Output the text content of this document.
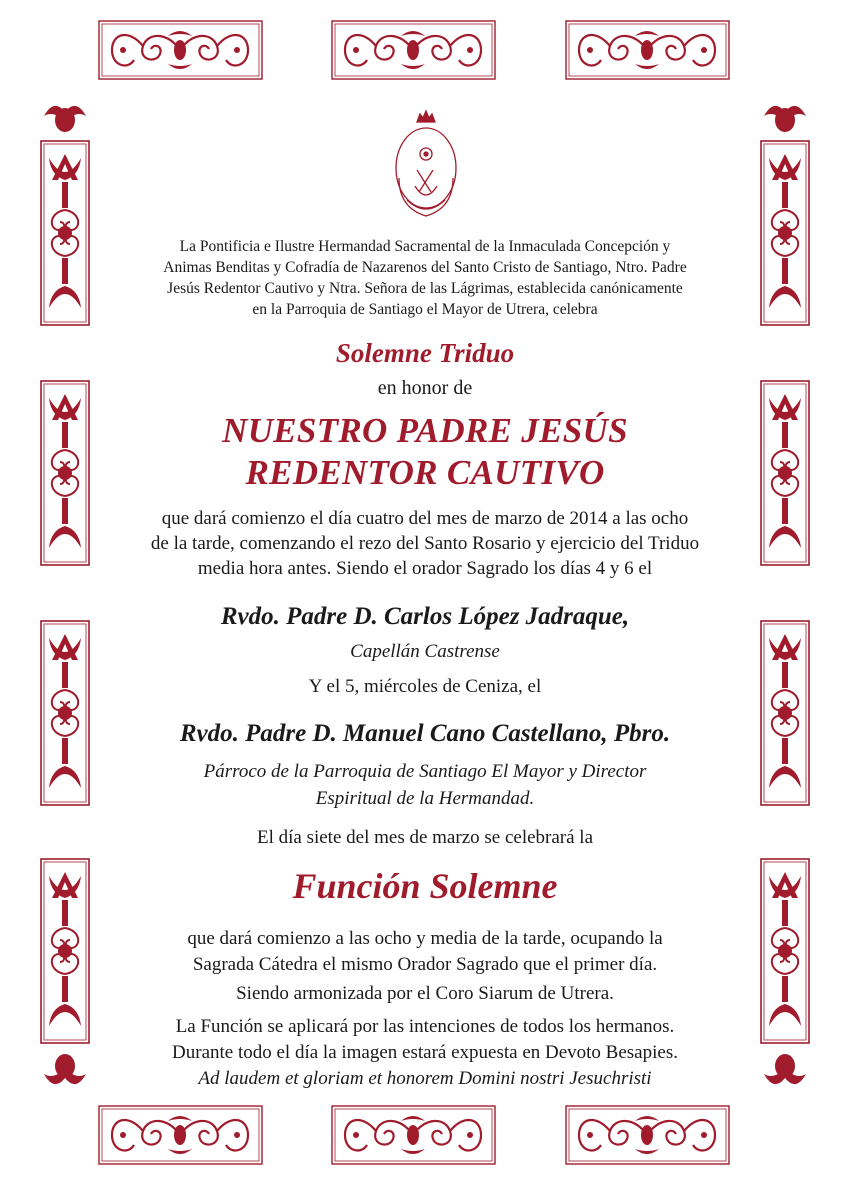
La Pontificia e Ilustre Hermandad Sacramental de la Inmaculada Concepción y
Animas Benditas y Cofradía de Nazarenos del Santo Cristo de Santiago, Ntro. Padre
Jesús Redentor Cautivo y Ntra. Señora de las Lágrimas, establecida canónicamente
en la Parroquia de Santiago el Mayor de Utrera, celebra
Solemne Triduo
en honor de
NUESTRO PADRE JESÚS
REDENTOR CAUTIVO
que dará comienzo el día cuatro del mes de marzo de 2014 a las ocho
de la tarde, comenzando el rezo del Santo Rosario y ejercicio del Triduo
media hora antes. Siendo el orador Sagrado los días 4 y 6 el
Rvdo. Padre D. Carlos López Jadraque,
Capellán Castrense
Y el 5, miércoles de Ceniza, el
Rvdo. Padre D. Manuel Cano Castellano, Pbro.
Párroco de la Parroquia de Santiago El Mayor y Director
Espiritual de la Hermandad.
El día siete del mes de marzo se celebrará la
Función Solemne
que dará comienzo a las ocho y media de la tarde, ocupando la
Sagrada Cátedra el mismo Orador Sagrado que el primer día.
Siendo armonizada por el Coro Siarum de Utrera.
La Función se aplicará por las intenciones de todos los hermanos.
Durante todo el día la imagen estará expuesta en Devoto Besapies.
Ad laudem et gloriam et honorem Domini nostri Jesuchristi
